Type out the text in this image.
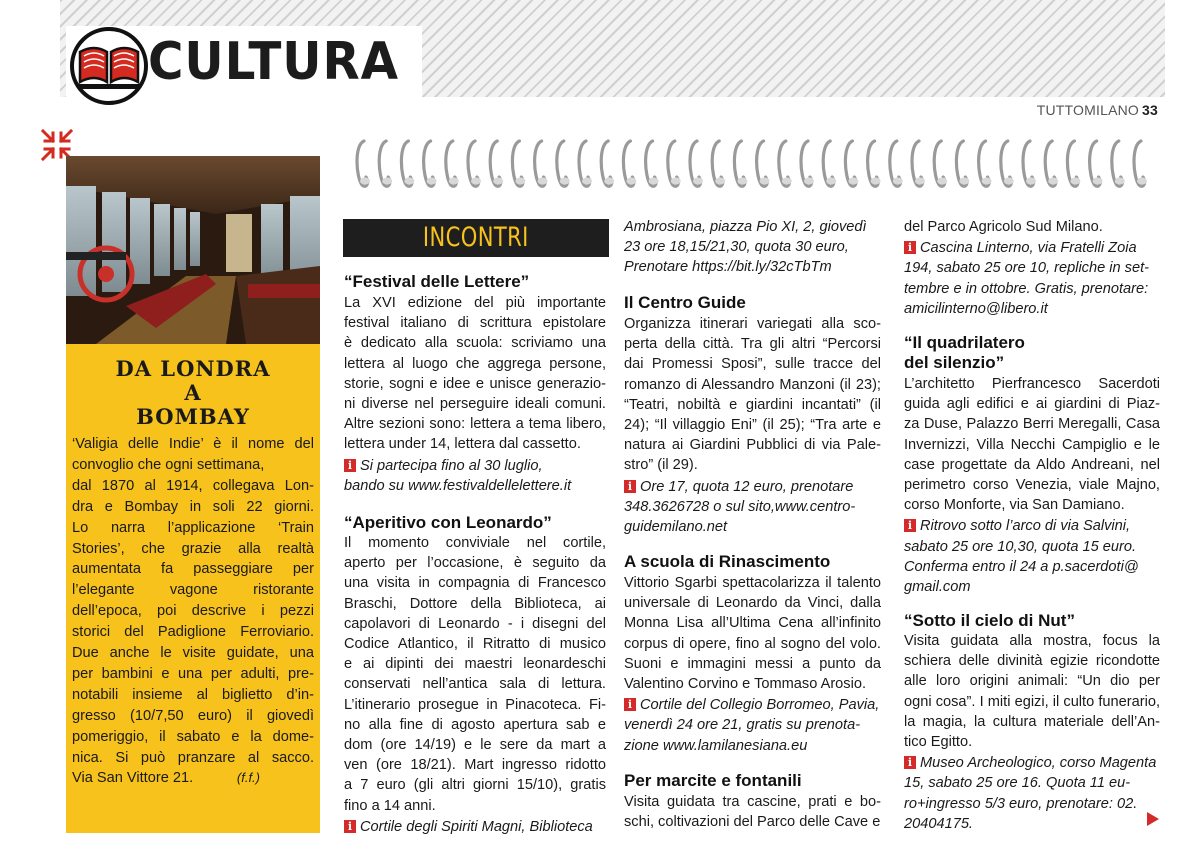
CULTURA
TUTTOMILANO 33
DA LONDRA
A
BOMBAY
‘Valigia delle Indie’ è il nome del
convoglio che ogni settimana,
dal 1870 al 1914, collegava Lon-
dra e Bombay in soli 22 giorni.
Lo narra l’applicazione ‘Train
Stories’, che grazie alla realtà
aumentata fa passeggiare per
l’elegante vagone ristorante
dell’epoca, poi descrive i pezzi
storici del Padiglione Ferroviario.
Due anche le visite guidate, una
per bambini e una per adulti, pre-
notabili insieme al biglietto d’in-
gresso (10/7,50 euro) il giovedì
pomeriggio, il sabato e la dome-
nica. Si può pranzare al sacco.
Via San Vittore 21.	(f.f.)
INCONTRI
“Festival delle Lettere”
La XVI edizione del più importante
festival italiano di scrittura epistolare
è dedicato alla scuola: scriviamo una
lettera al luogo che aggrega persone,
storie, sogni e idee e unisce generazio-
ni diverse nel perseguire ideali comuni.
Altre sezioni sono: lettera a tema libero,
lettera under 14, lettera dal cassetto.
i Si partecipa fino al 30 luglio,
bando su www.festivaldellelettere.it
“Aperitivo con Leonardo”
Il momento conviviale nel cortile,
aperto per l’occasione, è seguito da
una visita in compagnia di Francesco
Braschi, Dottore della Biblioteca, ai
capolavori di Leonardo - i disegni del
Codice Atlantico, il Ritratto di musico
e ai dipinti dei maestri leonardeschi
conservati nell’antica sala di lettura.
L’itinerario prosegue in Pinacoteca. Fi-
no alla fine di agosto apertura sab e
dom (ore 14/19) e le sere da mart a
ven (ore 18/21). Mart ingresso ridotto
a 7 euro (gli altri giorni 15/10), gratis
fino a 14 anni.
i Cortile degli Spiriti Magni, Biblioteca
Ambrosiana, piazza Pio XI, 2, giovedì
23 ore 18,15/21,30, quota 30 euro,
Prenotare https://bit.ly/32cTbTm
Il Centro Guide
Organizza itinerari variegati alla sco-
perta della città. Tra gli altri “Percorsi
dai Promessi Sposi”, sulle tracce del
romanzo di Alessandro Manzoni (il 23);
“Teatri, nobiltà e giardini incantati” (il
24); “Il villaggio Eni” (il 25); “Tra arte e
natura ai Giardini Pubblici di via Pale-
stro” (il 29).
i Ore 17, quota 12 euro, prenotare
348.3626728 o sul sito,www.centro-
guidemilano.net
A scuola di Rinascimento
Vittorio Sgarbi spettacolarizza il talento
universale di Leonardo da Vinci, dalla
Monna Lisa all’Ultima Cena all’infinito
corpus di opere, fino al sogno del volo.
Suoni e immagini messi a punto da
Valentino Corvino e Tommaso Arosio.
i Cortile del Collegio Borromeo, Pavia,
venerdì 24 ore 21, gratis su prenota-
zione www.lamilanesiana.eu
Per marcite e fontanili
Visita guidata tra cascine, prati e bo-
schi, coltivazioni del Parco delle Cave e
del Parco Agricolo Sud Milano.
i Cascina Linterno, via Fratelli Zoia
194, sabato 25 ore 10, repliche in set-
tembre e in ottobre. Gratis, prenotare:
amicilinterno@libero.it
“Il quadrilatero
del silenzio”
L’architetto Pierfrancesco Sacerdoti
guida agli edifici e ai giardini di Piaz-
za Duse, Palazzo Berri Meregalli, Casa
Invernizzi, Villa Necchi Campiglio e le
case progettate da Aldo Andreani, nel
perimetro corso Venezia, viale Majno,
corso Monforte, via San Damiano.
i Ritrovo sotto l’arco di via Salvini,
sabato 25 ore 10,30, quota 15 euro.
Conferma entro il 24 a p.sacerdoti@
gmail.com
“Sotto il cielo di Nut”
Visita guidata alla mostra, focus la
schiera delle divinità egizie ricondotte
alle loro origini animali: “Un dio per
ogni cosa”. I miti egizi, il culto funerario,
la magia, la cultura materiale dell’An-
tico Egitto.
i Museo Archeologico, corso Magenta
15, sabato 25 ore 16. Quota 11 eu-
ro+ingresso 5/3 euro, prenotare: 02.
20404175.
